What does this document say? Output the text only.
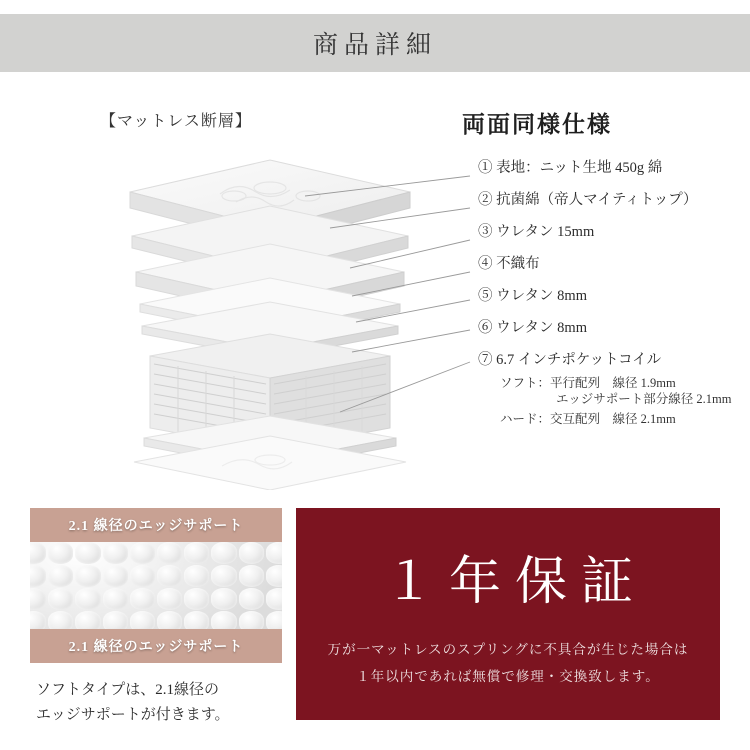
商品詳細
【マットレス断層】	両面同様仕様
① 表地：ニット生地 450g 綿
② 抗菌綿（帝人マイティトップ）
③ ウレタン 15mm
④ 不織布
⑤ ウレタン 8mm
⑥ ウレタン 8mm
⑦ 6.7 インチポケットコイル
ソフト：平行配列　線径 1.9mm
エッジサポート部分線径 2.1mm
ハード：交互配列　線径 2.1mm
2.1 線径のエッジサポート
2.1 線径のエッジサポート
ソフトタイプは、2.1線径の
エッジサポートが付きます。
１年保証
万が一マットレスのスプリングに不具合が生じた場合は
１年以内であれば無償で修理・交換致します。
